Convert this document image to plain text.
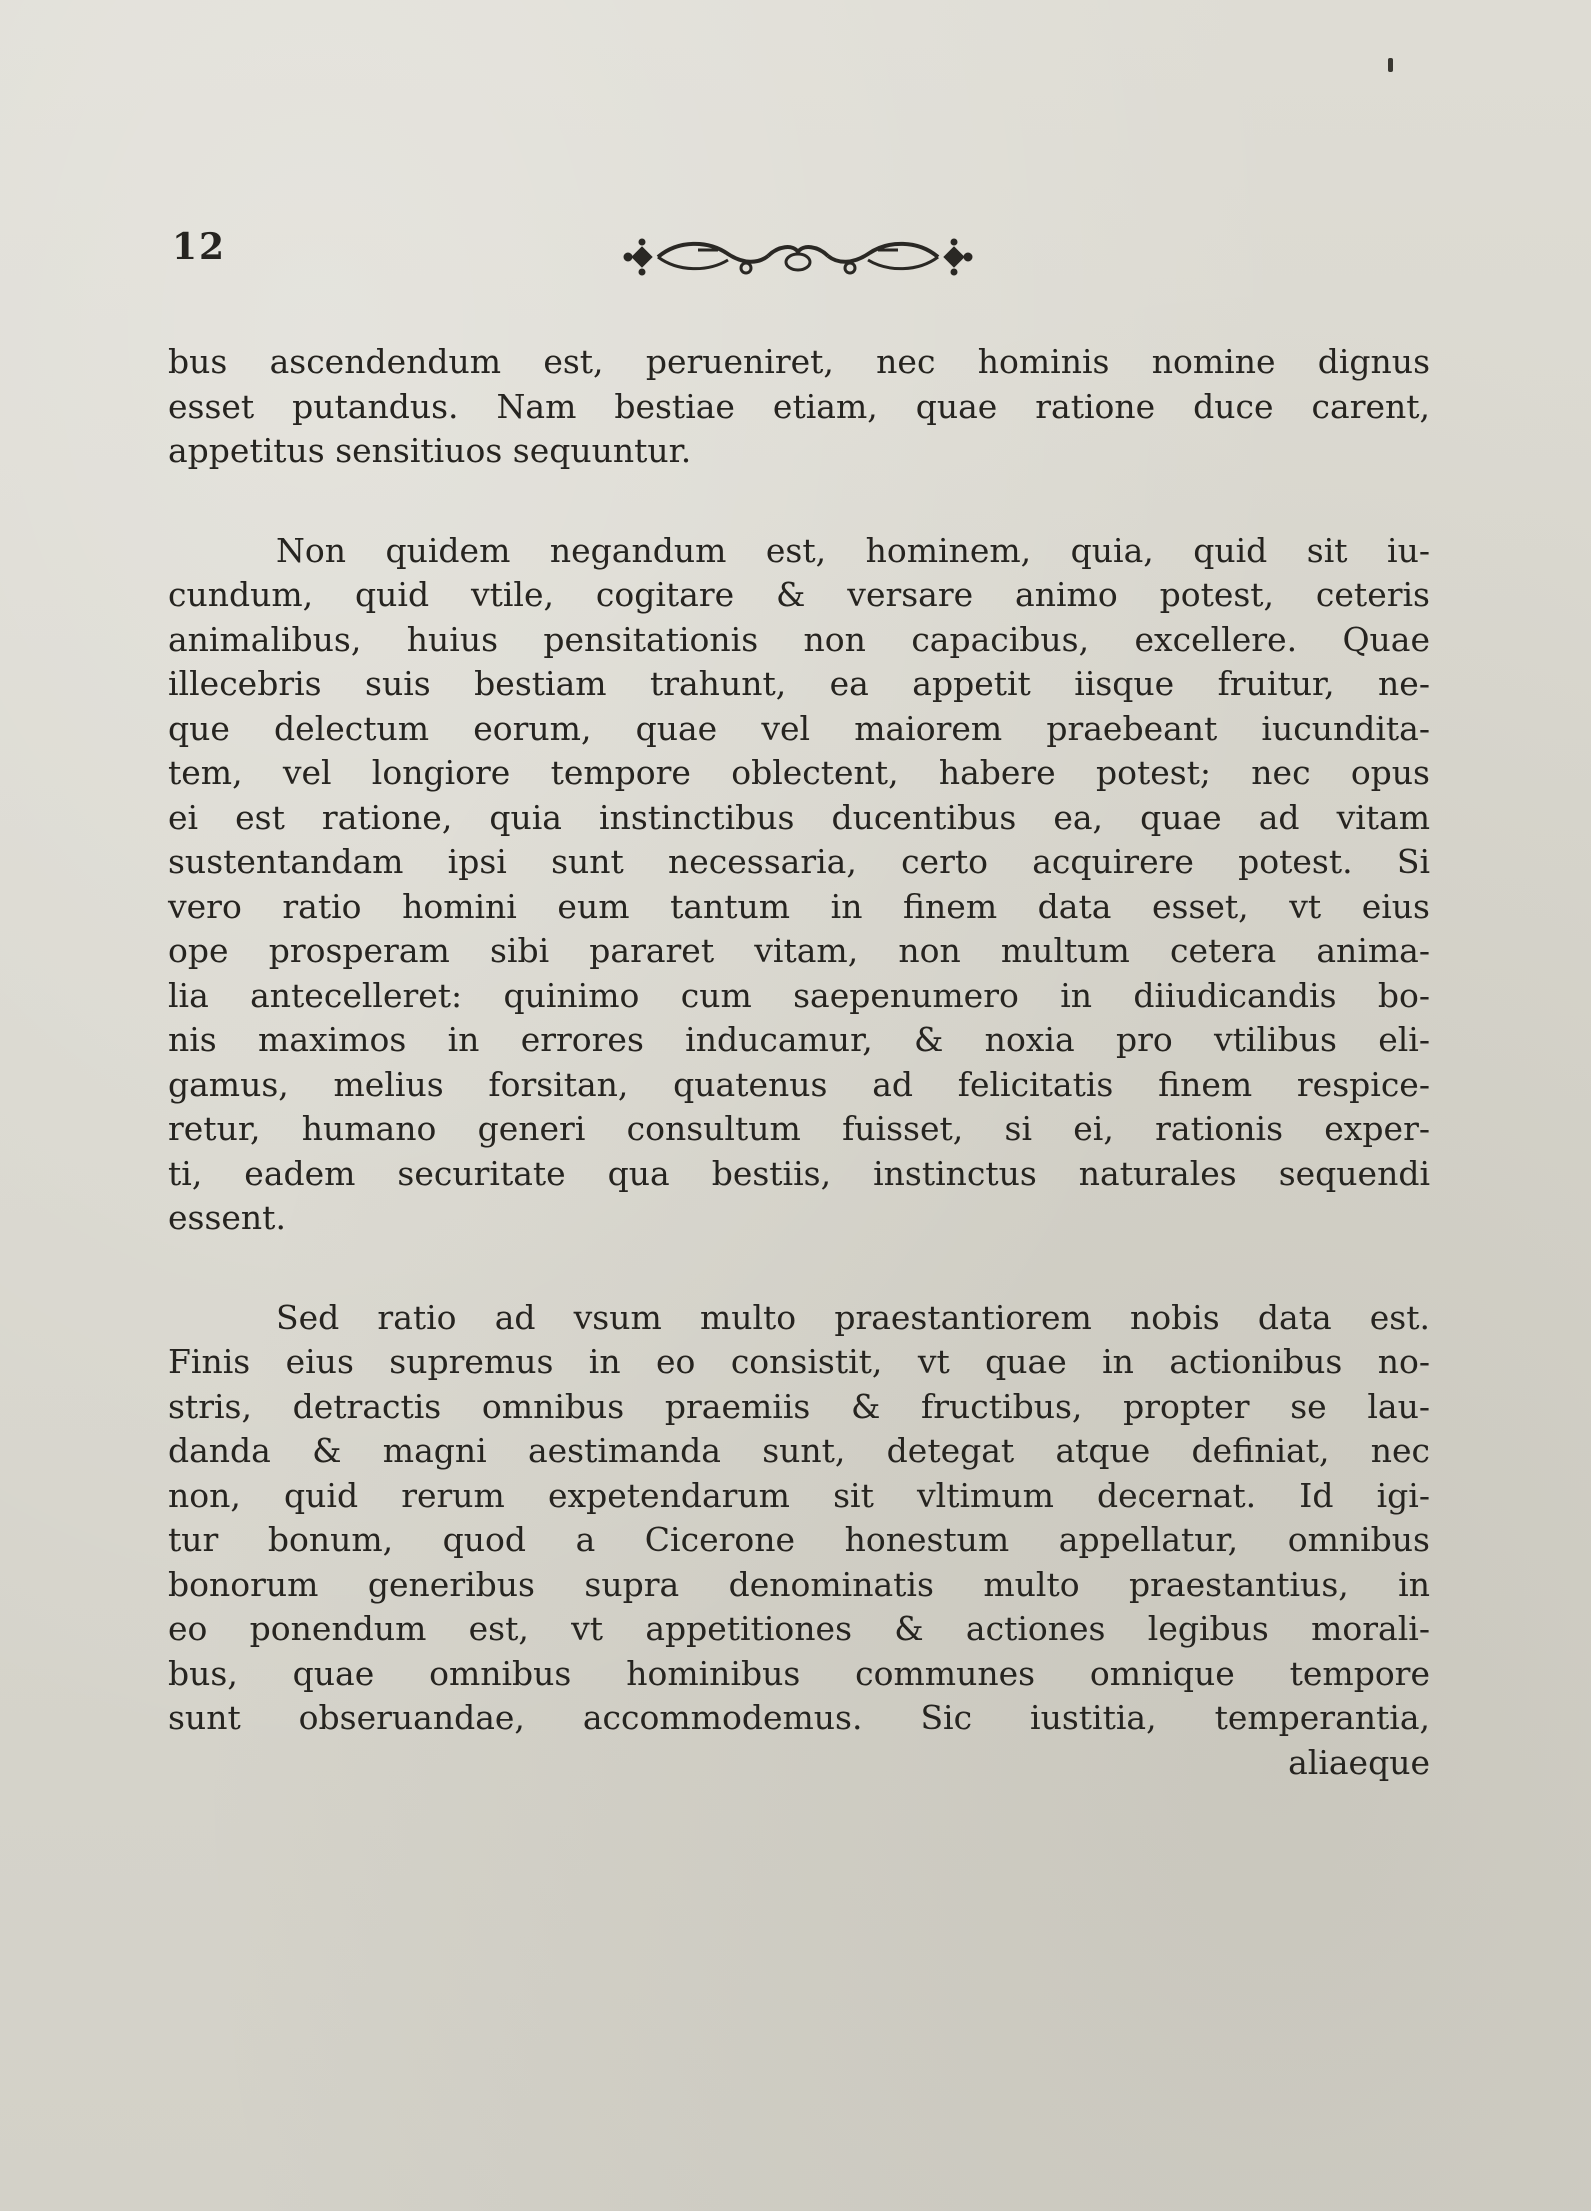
12
bus ascendendum est, perueniret, nec hominis nomine dignus
esset putandus. Nam bestiae etiam, quae ratione duce carent,
appetitus sensitiuos sequuntur.
Non quidem negandum est, hominem, quia, quid sit iu-
cundum, quid vtile, cogitare & versare animo potest, ceteris
animalibus, huius pensitationis non capacibus, excellere. Quae
illecebris suis bestiam trahunt, ea appetit iisque fruitur, ne-
que delectum eorum, quae vel maiorem praebeant iucundita-
tem, vel longiore tempore oblectent, habere potest; nec opus
ei est ratione, quia instinctibus ducentibus ea, quae ad vitam
sustentandam ipsi sunt necessaria, certo acquirere potest. Si
vero ratio homini eum tantum in finem data esset, vt eius
ope prosperam sibi pararet vitam, non multum cetera anima-
lia antecelleret: quinimo cum saepenumero in diiudicandis bo-
nis maximos in errores inducamur, & noxia pro vtilibus eli-
gamus, melius forsitan, quatenus ad felicitatis finem respice-
retur, humano generi consultum fuisset, si ei, rationis exper-
ti, eadem securitate qua bestiis, instinctus naturales sequendi
essent.
Sed ratio ad vsum multo praestantiorem nobis data est.
Finis eius supremus in eo consistit, vt quae in actionibus no-
stris, detractis omnibus praemiis & fructibus, propter se lau-
danda & magni aestimanda sunt, detegat atque definiat, nec
non, quid rerum expetendarum sit vltimum decernat. Id igi-
tur bonum, quod a Cicerone honestum appellatur, omnibus
bonorum generibus supra denominatis multo praestantius, in
eo ponendum est, vt appetitiones & actiones legibus morali-
bus, quae omnibus hominibus communes omnique tempore
sunt obseruandae, accommodemus. Sic iustitia, temperantia,
aliaeque
